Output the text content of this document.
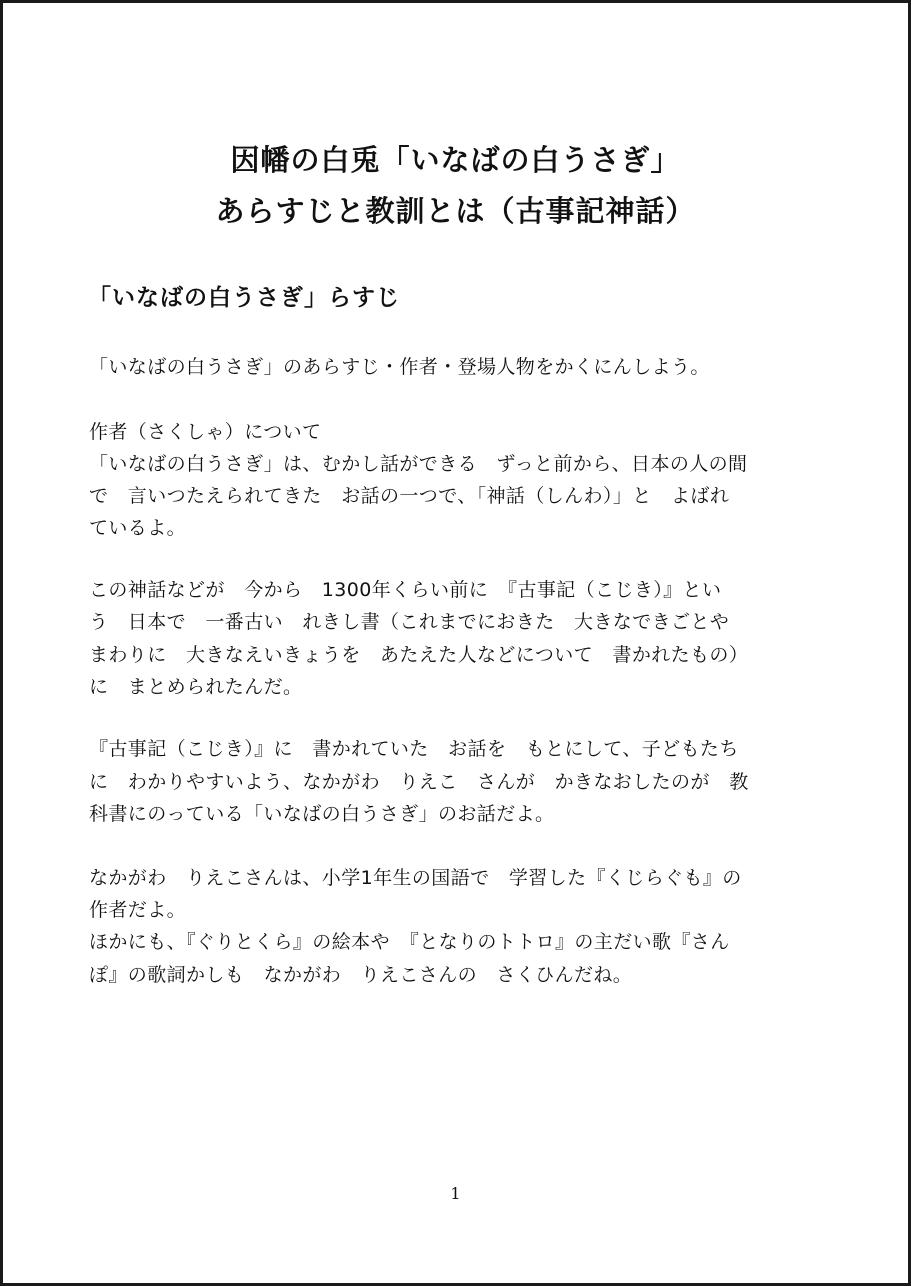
因幡の白兎「いなばの白うさぎ」
あらすじと教訓とは（古事記神話）
「いなばの白うさぎ」らすじ
「いなばの白うさぎ」のあらすじ・作者・登場人物をかくにんしよう。
作者（さくしゃ）について
「いなばの白うさぎ」は、むかし話ができる　ずっと前から、日本の人の間
で　言いつたえられてきた　お話の一つで、「神話（しんわ）」と　よばれ
ているよ。
この神話などが　今から　1300年くらい前に　『古事記（こじき）』とい
う　日本で　一番古い　れきし書（これまでにおきた　大きなできごとや
まわりに　大きなえいきょうを　あたえた人などについて　書かれたもの）
に　まとめられたんだ。
『古事記（こじき）』に　書かれていた　お話を　もとにして、子どもたち
に　わかりやすいよう、なかがわ　りえこ　さんが　かきなおしたのが　教
科書にのっている「いなばの白うさぎ」のお話だよ。
なかがわ　りえこさんは、小学1年生の国語で　学習した『くじらぐも』の
作者だよ。
ほかにも、『ぐりとくら』の絵本や　『となりのトトロ』の主だい歌『さん
ぽ』の歌詞かしも　なかがわ　りえこさんの　さくひんだね。
1
